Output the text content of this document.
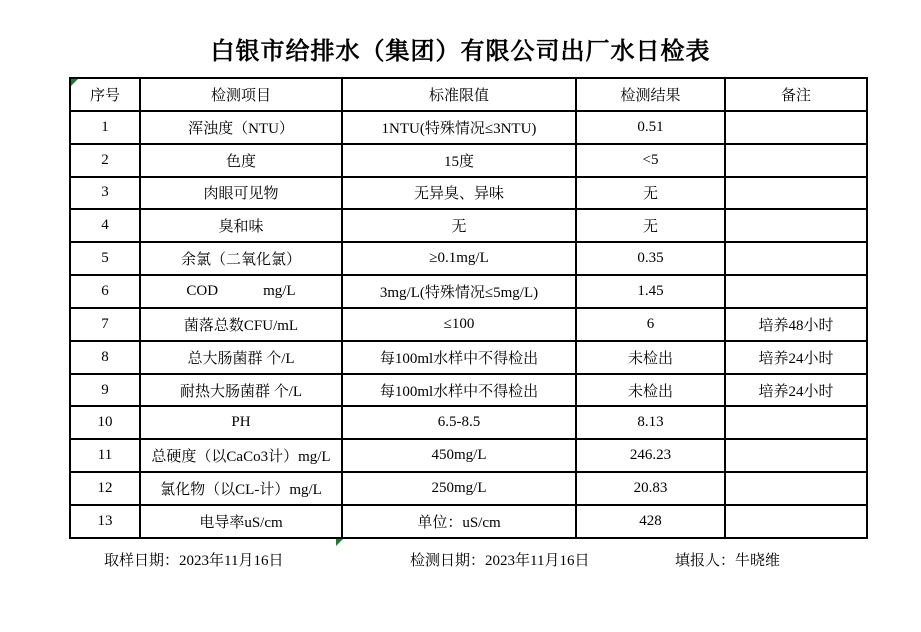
白银市给排水（集团）有限公司出厂水日检表
序号	检测项目	标准限值	检测结果	备注
1	浑浊度（NTU）	1NTU(特殊情况≤3NTU)	0.51	
2	色度	15度	<5	
3	肉眼可见物	无异臭、异味	无	
4	臭和味	无	无	
5	余氯（二氧化氯）	≥0.1mg/L	0.35	
6	COD            mg/L	3mg/L(特殊情况≤5mg/L)	1.45	
7	菌落总数CFU/mL	≤100	6	培养48小时
8	总大肠菌群 个/L	每100ml水样中不得检出	未检出	培养24小时
9	耐热大肠菌群 个/L	每100ml水样中不得检出	未检出	培养24小时
10	PH	6.5-8.5	8.13	
11	总硬度（以CaCo3计）mg/L	450mg/L	246.23	
12	氯化物（以CL-计）mg/L	250mg/L	20.83	
13	电导率uS/cm	单位：uS/cm	428	
取样日期：2023年11月16日	检测日期：2023年11月16日	填报人：牛晓维
